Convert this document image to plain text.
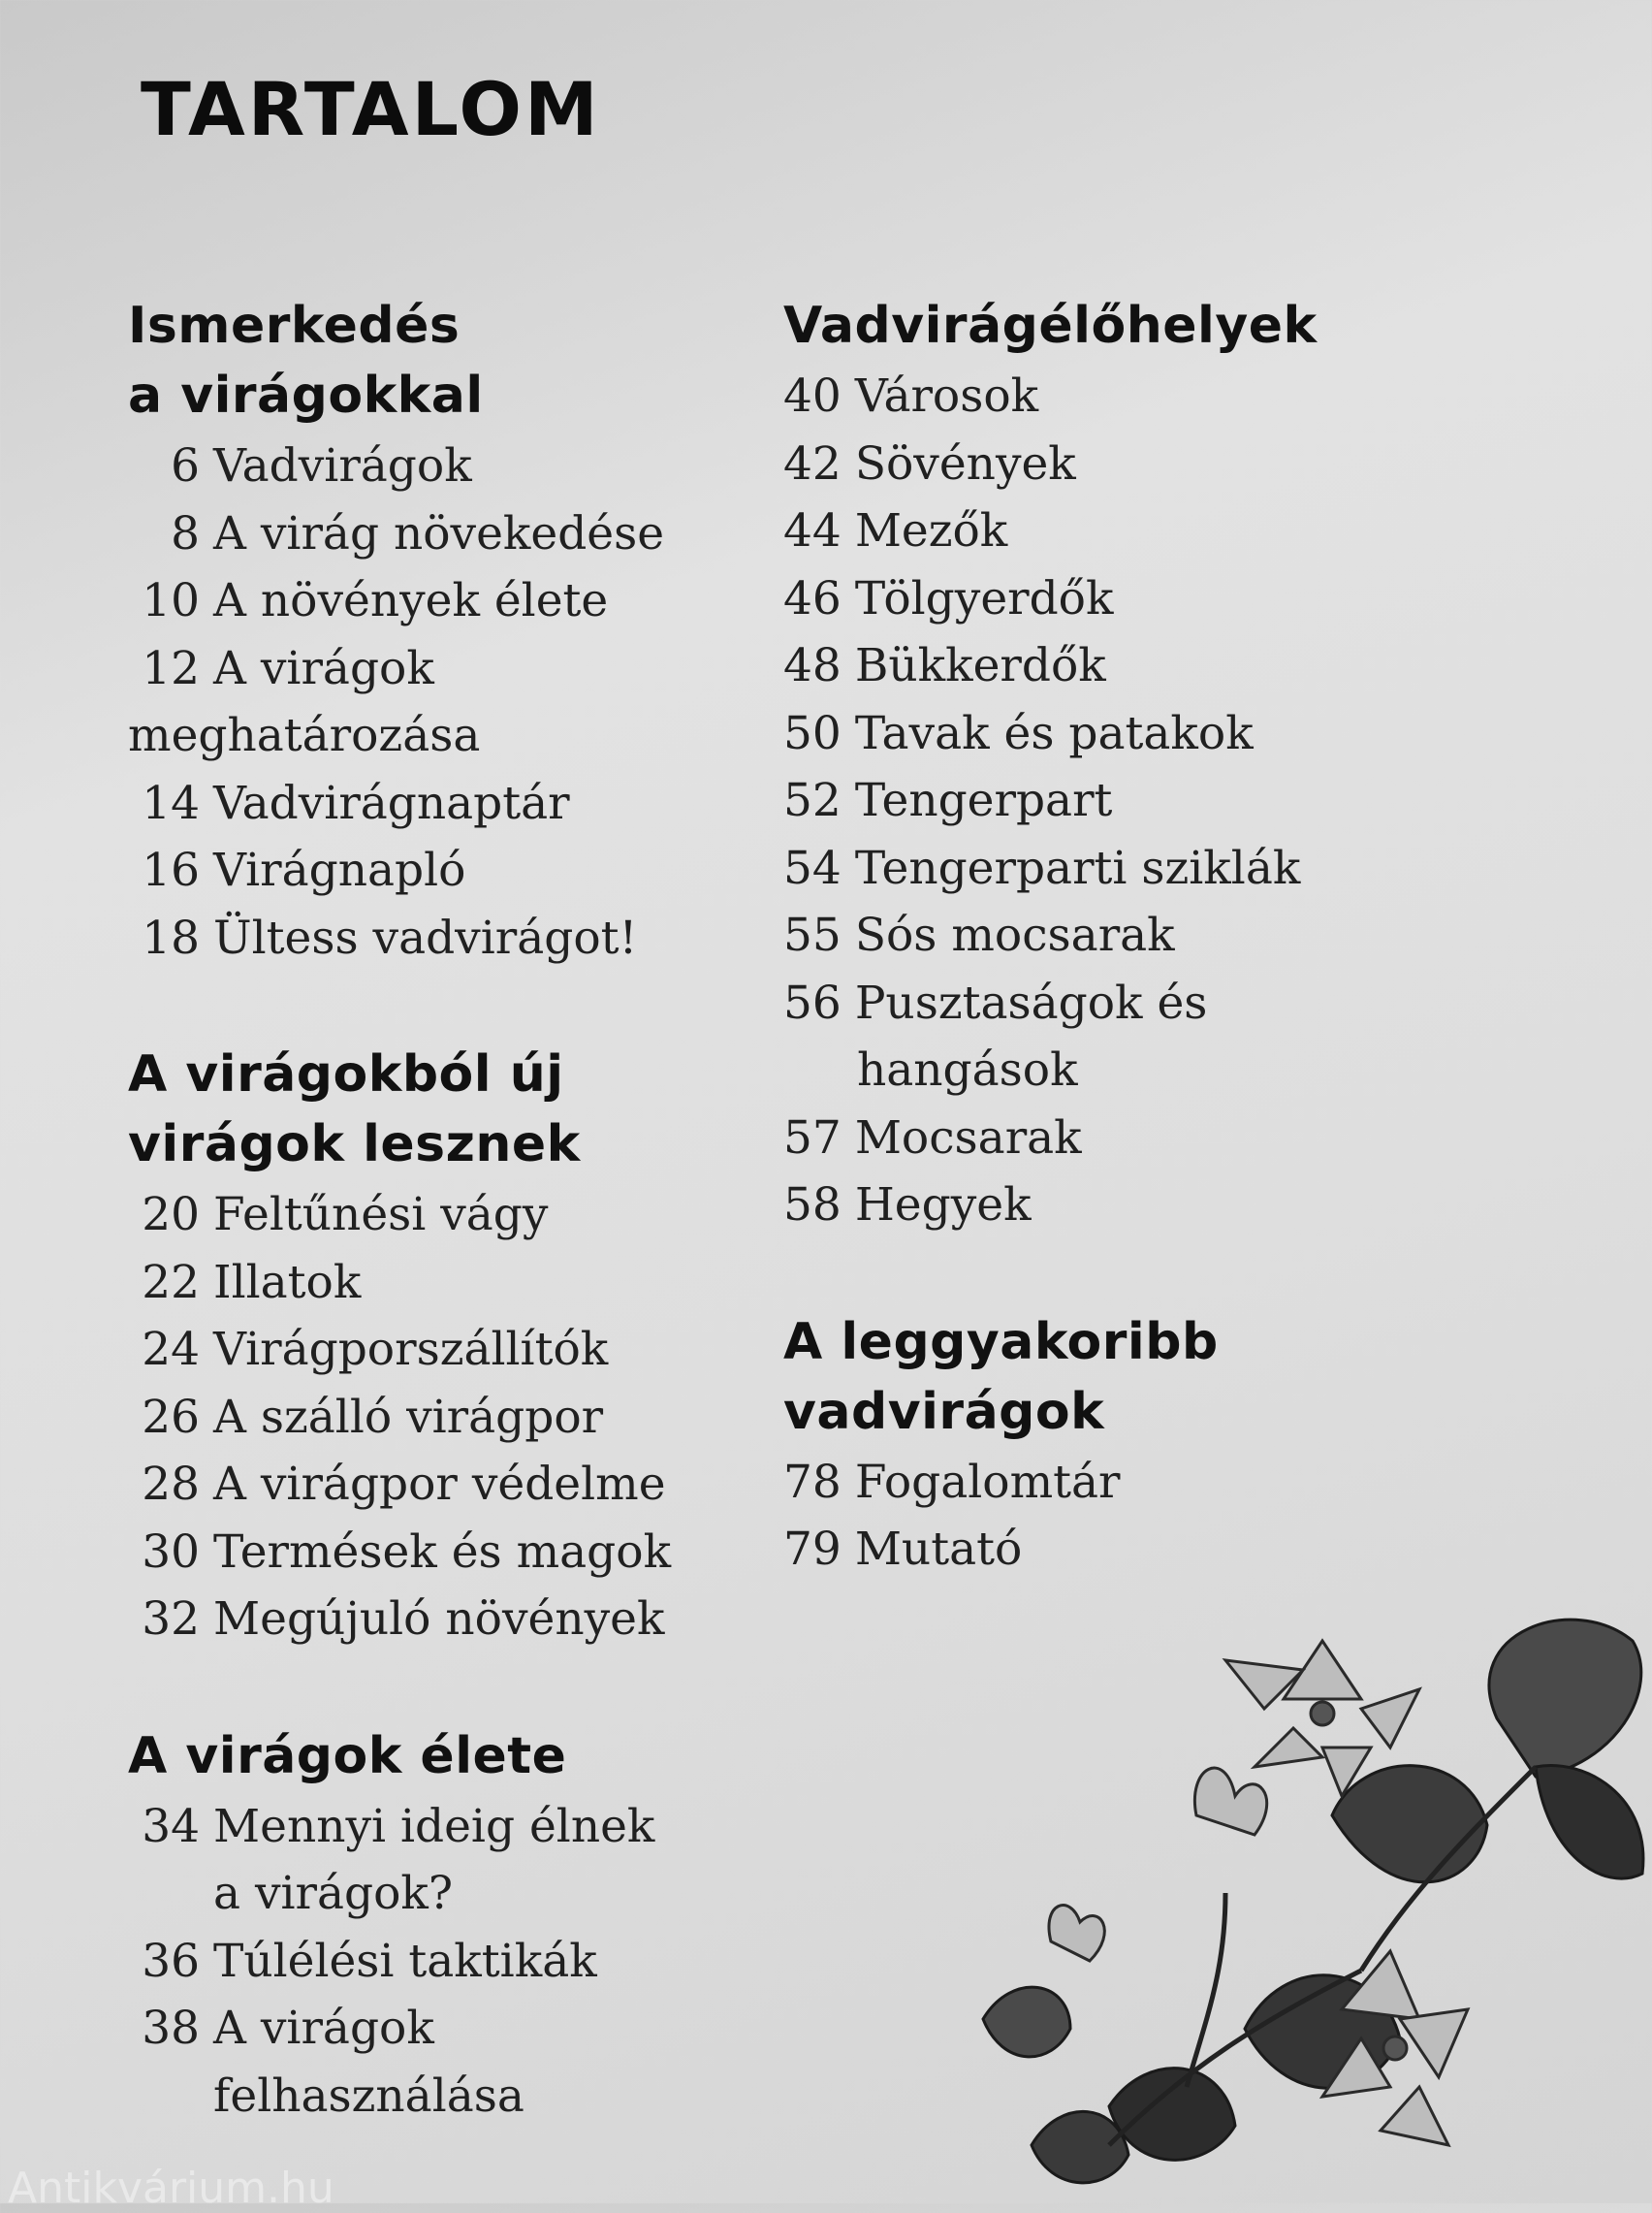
TARTALOM
Ismerkedés
a virágokkal
6 Vadvirágok
8 A virág növekedése
10 A növények élete
12 A virágok
meghatározása
14 Vadvirágnaptár
16 Virágnapló
18 Ültess vadvirágot!
A virágokból új
virágok lesznek
20 Feltűnési vágy
22 Illatok
24 Virágporszállítók
26 A szálló virágpor
28 A virágpor védelme
30 Termések és magok
32 Megújuló növények
A virágok élete
34 Mennyi ideig élnek
a virágok?
36 Túlélési taktikák
38 A virágok
felhasználása
Vadvirágélőhelyek
40 Városok
42 Sövények
44 Mezők
46 Tölgyerdők
48 Bükkerdők
50 Tavak és patakok
52 Tengerpart
54 Tengerparti sziklák
55 Sós mocsarak
56 Pusztaságok és
hangások
57 Mocsarak
58 Hegyek
A leggyakoribb
vadvirágok
78 Fogalomtár
79 Mutató
Antikvárium.hu
